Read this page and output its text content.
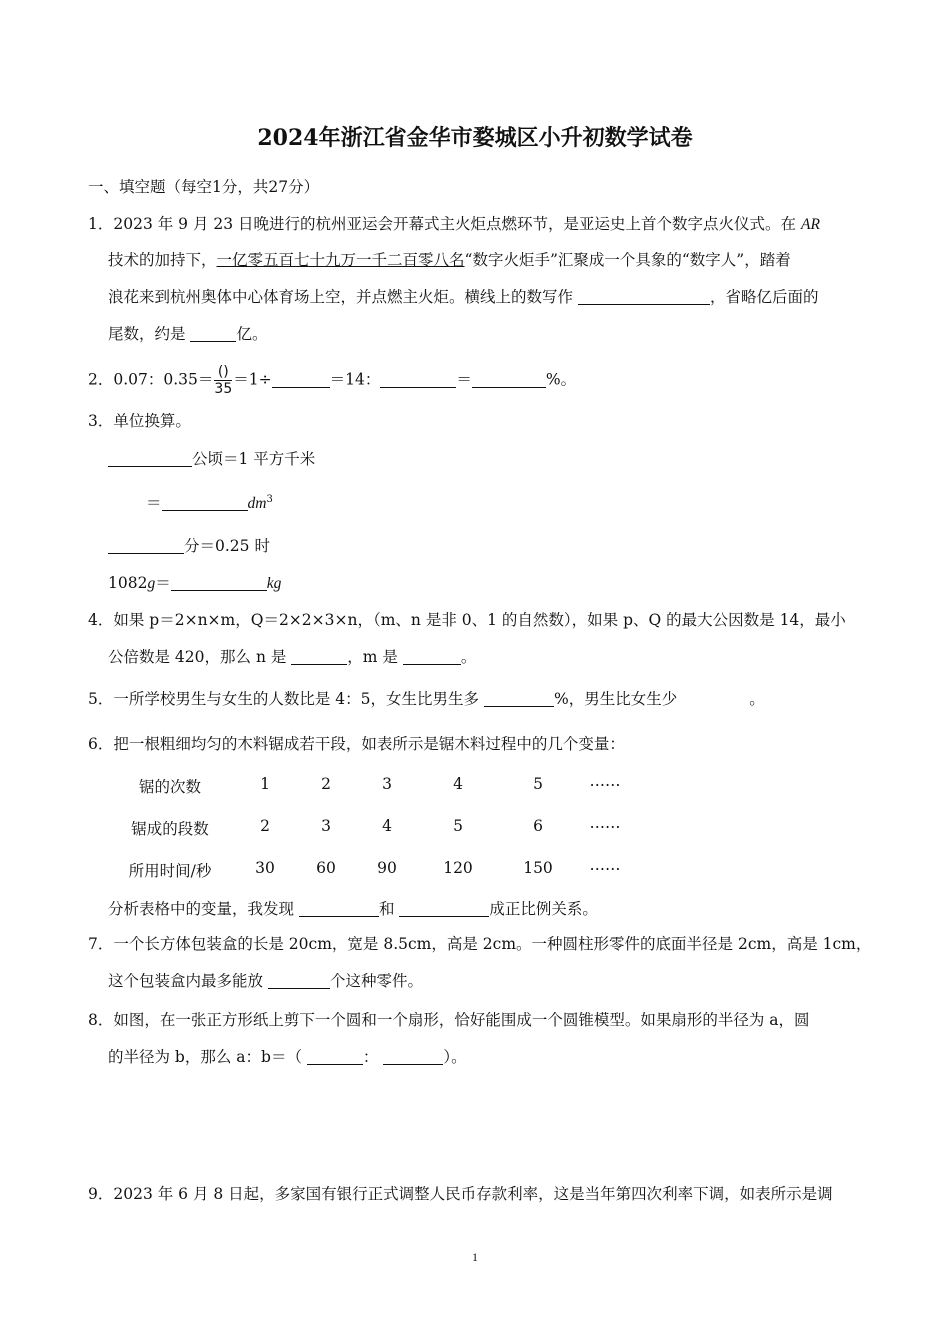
2024年浙江省金华市婺城区小升初数学试卷
一、填空题（每空1分，共27分）
1．2023 年 9 月 23 日晚进行的杭州亚运会开幕式主火炬点燃环节，是亚运史上首个数字点火仪式。在 AR
技术的加持下，一亿零五百七十九万一千二百零八名“数字火炬手”汇聚成一个具象的“数字人”，踏着
浪花来到杭州奥体中心体育场上空，并点燃主火炬。横线上的数写作	，省略亿后面的
尾数，约是	亿。
2．0.07：$0.35= \frac{()}{35} =1\div$	＝14：	＝	%。
3．单位换算。
公顷＝1 平方千米
＝	$dm^3$
分＝0.25 时
1082g＝	kg
4．如果 p＝2×n×m，Q＝2×2×3×n，（m、n 是非 0、1 的自然数），如果 p、Q 的最大公因数是 14，最小
公倍数是 420，那么 n 是	，m 是	。
5．一所学校男生与女生的人数比是 4：5，女生比男生多	%，男生比女生少	。
6．把一根粗细均匀的木料锯成若干段，如表所示是锯木料过程中的几个变量：
锯的次数	1	2	3	4	5	……
锯成的段数	2	3	4	5	6	……
所用时间/秒	30	60	90	120	150	……
分析表格中的变量，我发现	和	成正比例关系。
7．一个长方体包装盒的长是 20cm，宽是 8.5cm，高是 2cm。一种圆柱形零件的底面半径是 2cm，高是 1cm，
这个包装盒内最多能放	个这种零件。
8．如图，在一张正方形纸上剪下一个圆和一个扇形，恰好能围成一个圆锥模型。如果扇形的半径为 a，圆
的半径为 b，那么 a：b＝（	：	）。
9．2023 年 6 月 8 日起，多家国有银行正式调整人民币存款利率，这是当年第四次利率下调，如表所示是调
1
